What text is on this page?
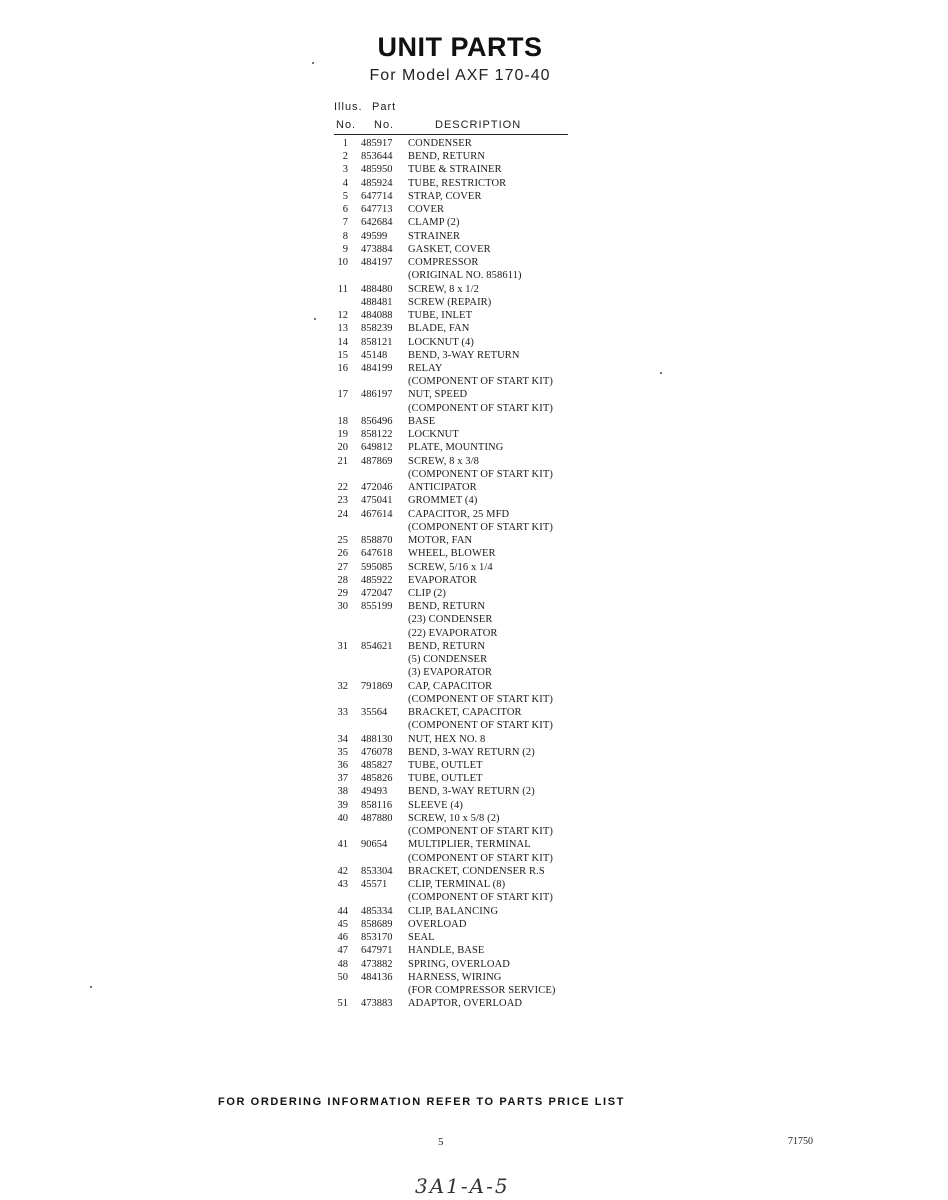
UNIT PARTS
For Model AXF 170-40
Illus. Part
No. No.	DESCRIPTION
1 485917 CONDENSER
2 853644 BEND, RETURN
3 485950 TUBE & STRAINER
4 485924 TUBE, RESTRICTOR
5 647714 STRAP, COVER
6 647713 COVER
7 642684 CLAMP (2)
8 49599 STRAINER
9 473884 GASKET, COVER
10 484197 COMPRESSOR
(ORIGINAL NO. 858611)
11 488480 SCREW, 8 x 1/2
488481 SCREW (REPAIR)
12 484088 TUBE, INLET
13 858239 BLADE, FAN
14 858121 LOCKNUT (4)
15 45148 BEND, 3-WAY RETURN
16 484199 RELAY
(COMPONENT OF START KIT)
17 486197 NUT, SPEED
(COMPONENT OF START KIT)
18 856496 BASE
19 858122 LOCKNUT
20 649812 PLATE, MOUNTING
21 487869 SCREW, 8 x 3/8
(COMPONENT OF START KIT)
22 472046 ANTICIPATOR
23 475041 GROMMET (4)
24 467614 CAPACITOR, 25 MFD
(COMPONENT OF START KIT)
25 858870 MOTOR, FAN
26 647618 WHEEL, BLOWER
27 595085 SCREW, 5/16 x 1/4
28 485922 EVAPORATOR
29 472047 CLIP (2)
30 855199 BEND, RETURN
(23) CONDENSER
(22) EVAPORATOR
31 854621 BEND, RETURN
(5) CONDENSER
(3) EVAPORATOR
32 791869 CAP, CAPACITOR
(COMPONENT OF START KIT)
33 35564 BRACKET, CAPACITOR
(COMPONENT OF START KIT)
34 488130 NUT, HEX NO. 8
35 476078 BEND, 3-WAY RETURN (2)
36 485827 TUBE, OUTLET
37 485826 TUBE, OUTLET
38 49493 BEND, 3-WAY RETURN (2)
39 858116 SLEEVE (4)
40 487880 SCREW, 10 x 5/8 (2)
(COMPONENT OF START KIT)
41 90654 MULTIPLIER, TERMINAL
(COMPONENT OF START KIT)
42 853304 BRACKET, CONDENSER R.S
43 45571 CLIP, TERMINAL (8)
(COMPONENT OF START KIT)
44 485334 CLIP, BALANCING
45 858689 OVERLOAD
46 853170 SEAL
47 647971 HANDLE, BASE
48 473882 SPRING, OVERLOAD
50 484136 HARNESS, WIRING
(FOR COMPRESSOR SERVICE)
51 473883 ADAPTOR, OVERLOAD
FOR ORDERING INFORMATION REFER TO PARTS PRICE LIST
5	71750
3A1-A-5
